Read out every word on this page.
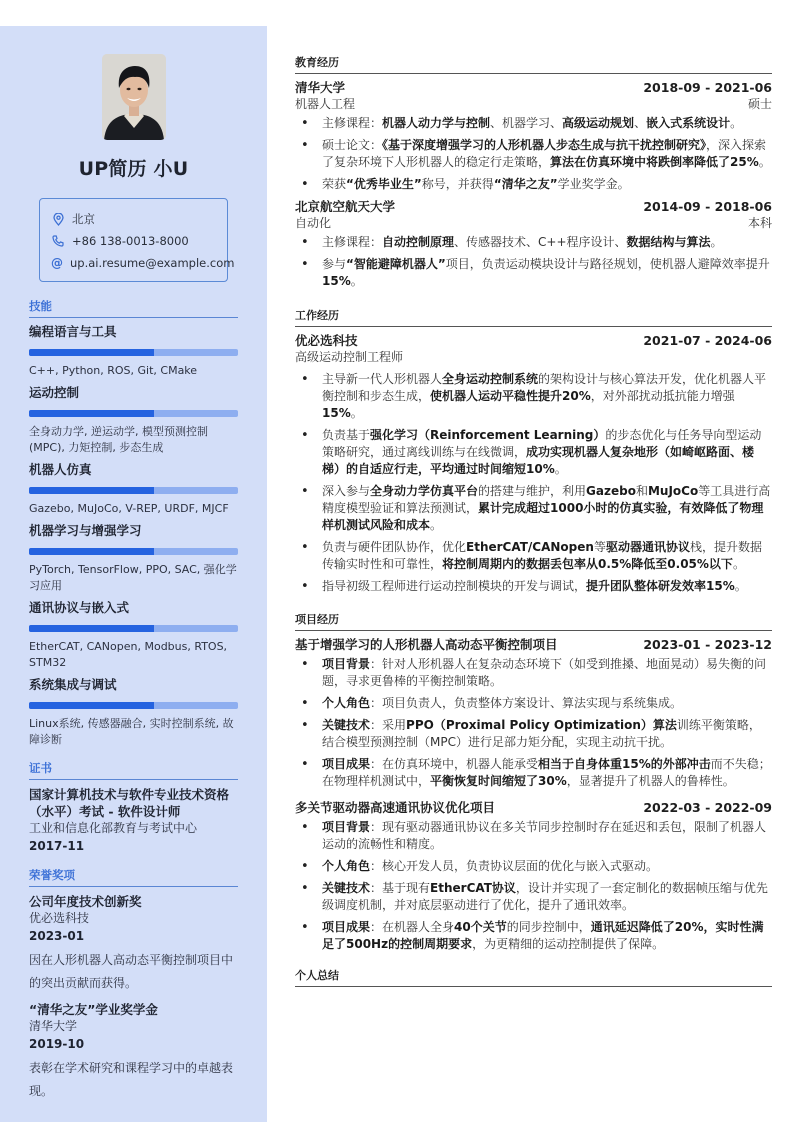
UP简历 小U
北京
+86 138-0013-8000
@ up.ai.resume@example.com
技能
编程语言与工具
C++, Python, ROS, Git, CMake
运动控制
全身动力学, 逆运动学, 模型预测控制 (MPC), 力矩控制, 步态生成
机器人仿真
Gazebo, MuJoCo, V-REP, URDF, MJCF
机器学习与增强学习
PyTorch, TensorFlow, PPO, SAC, 强化学习应用
通讯协议与嵌入式
EtherCAT, CANopen, Modbus, RTOS, STM32
系统集成与调试
Linux系统, 传感器融合, 实时控制系统, 故障诊断
证书
国家计算机技术与软件专业技术资格（水平）考试 - 软件设计师
工业和信息化部教育与考试中心
2017-11
荣誉奖项
公司年度技术创新奖
优必选科技
2023-01
因在人形机器人高动态平衡控制项目中的突出贡献而获得。
“清华之友”学业奖学金
清华大学
2019-10
表彰在学术研究和课程学习中的卓越表现。
教育经历
清华大学	2018-09 - 2021-06
机器人工程	硕士
• 主修课程：机器人动力学与控制、机器学习、高级运动规划、嵌入式系统设计。
• 硕士论文：《基于深度增强学习的人形机器人步态生成与抗干扰控制研究》，深入探索了复杂环境下人形机器人的稳定行走策略，算法在仿真环境中将跌倒率降低了25%。
• 荣获“优秀毕业生”称号，并获得“清华之友”学业奖学金。
北京航空航天大学	2014-09 - 2018-06
自动化	本科
• 主修课程：自动控制原理、传感器技术、C++程序设计、数据结构与算法。
• 参与“智能避障机器人”项目，负责运动模块设计与路径规划，使机器人避障效率提升15%。
工作经历
优必选科技	2021-07 - 2024-06
高级运动控制工程师
• 主导新一代人形机器人全身运动控制系统的架构设计与核心算法开发，优化机器人平衡控制和步态生成，使机器人运动平稳性提升20%，对外部扰动抵抗能力增强15%。
• 负责基于强化学习（Reinforcement Learning）的步态优化与任务导向型运动策略研究，通过离线训练与在线微调，成功实现机器人复杂地形（如崎岖路面、楼梯）的自适应行走，平均通过时间缩短10%。
• 深入参与全身动力学仿真平台的搭建与维护，利用Gazebo和MuJoCo等工具进行高精度模型验证和算法预测试，累计完成超过1000小时的仿真实验，有效降低了物理样机测试风险和成本。
• 负责与硬件团队协作，优化EtherCAT/CANopen等驱动器通讯协议栈，提升数据传输实时性和可靠性，将控制周期内的数据丢包率从0.5%降低至0.05%以下。
• 指导初级工程师进行运动控制模块的开发与调试，提升团队整体研发效率15%。
项目经历
基于增强学习的人形机器人高动态平衡控制项目	2023-01 - 2023-12
• 项目背景：针对人形机器人在复杂动态环境下（如受到推搡、地面晃动）易失衡的问题，寻求更鲁棒的平衡控制策略。
• 个人角色：项目负责人，负责整体方案设计、算法实现与系统集成。
• 关键技术：采用PPO（Proximal Policy Optimization）算法训练平衡策略，结合模型预测控制（MPC）进行足部力矩分配，实现主动抗干扰。
• 项目成果：在仿真环境中，机器人能承受相当于自身体重15%的外部冲击而不失稳；在物理样机测试中，平衡恢复时间缩短了30%，显著提升了机器人的鲁棒性。
多关节驱动器高速通讯协议优化项目	2022-03 - 2022-09
• 项目背景：现有驱动器通讯协议在多关节同步控制时存在延迟和丢包，限制了机器人运动的流畅性和精度。
• 个人角色：核心开发人员，负责协议层面的优化与嵌入式驱动。
• 关键技术：基于现有EtherCAT协议，设计并实现了一套定制化的数据帧压缩与优先级调度机制，并对底层驱动进行了优化，提升了通讯效率。
• 项目成果：在机器人全身40个关节的同步控制中，通讯延迟降低了20%，实时性满足了500Hz的控制周期要求，为更精细的运动控制提供了保障。
个人总结
